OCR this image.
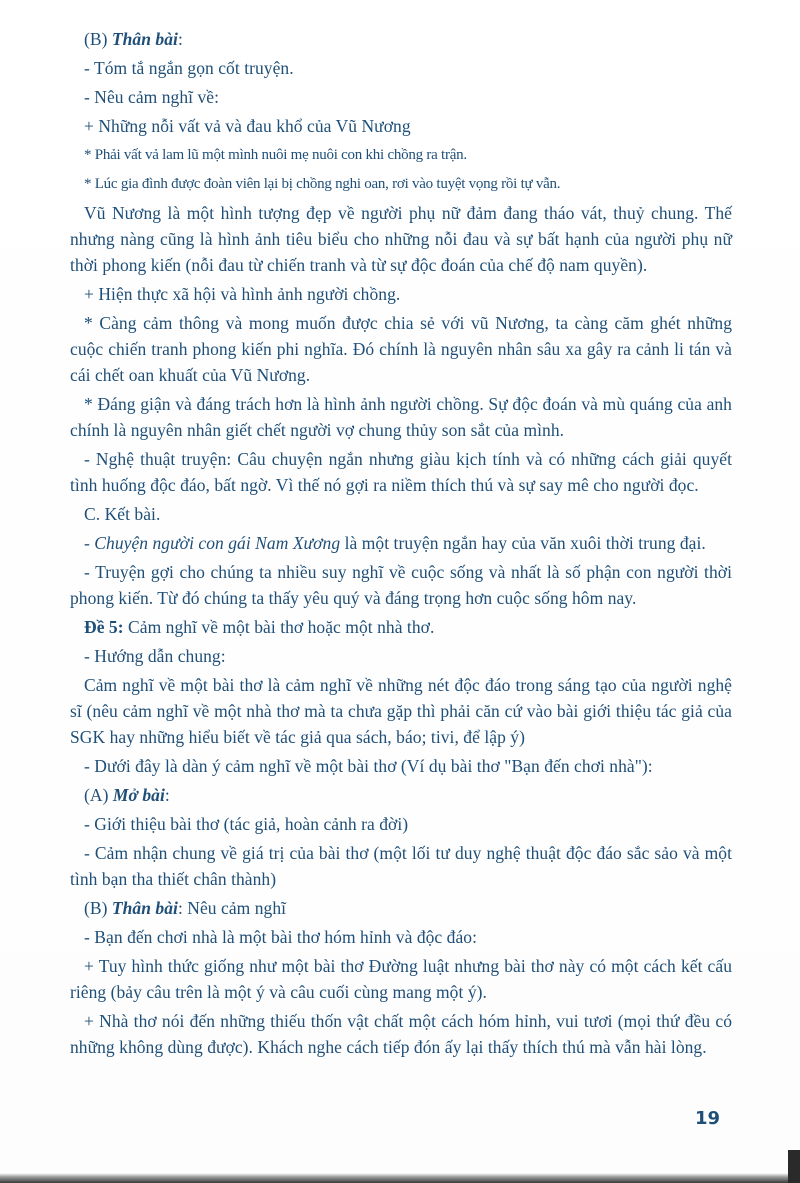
(B) Thân bài:

- Tóm tắ ngắn gọn cốt truyện.

- Nêu cảm nghĩ về:

+ Những nỗi vất vả và đau khổ của Vũ Nương

* Phải vất vả lam lũ một mình nuôi mẹ nuôi con khi chồng ra trận.

* Lúc gia đình được đoàn viên lại bị chồng nghi oan, rơi vào tuyệt vọng rồi tự vẫn.

Vũ Nương là một hình tượng đẹp về người phụ nữ đảm đang tháo vát, thuỷ chung. Thế nhưng nàng cũng là hình ảnh tiêu biểu cho những nỗi đau và sự bất hạnh của người phụ nữ thời phong kiến (nỗi đau từ chiến tranh và từ sự độc đoán của chế độ nam quyền).

+ Hiện thực xã hội và hình ảnh người chồng.

* Càng cảm thông và mong muốn được chia sẻ với vũ Nương, ta càng căm ghét những cuộc chiến tranh phong kiến phi nghĩa. Đó chính là nguyên nhân sâu xa gây ra cảnh li tán và cái chết oan khuất của Vũ Nương.

* Đáng giận và đáng trách hơn là hình ảnh người chồng. Sự độc đoán và mù quáng của anh chính là nguyên nhân giết chết người vợ chung thủy son sắt của mình.

- Nghệ thuật truyện: Câu chuyện ngắn nhưng giàu kịch tính và có những cách giải quyết tình huống độc đáo, bất ngờ. Vì thế nó gợi ra niềm thích thú và sự say mê cho người đọc.

C. Kết bài.

- Chuyện người con gái Nam Xương là một truyện ngắn hay của văn xuôi thời trung đại.

- Truyện gợi cho chúng ta nhiều suy nghĩ về cuộc sống và nhất là số phận con người thời phong kiến. Từ đó chúng ta thấy yêu quý và đáng trọng hơn cuộc sống hôm nay.

Đề 5: Cảm nghĩ về một bài thơ hoặc một nhà thơ.

- Hướng dẫn chung:

Cảm nghĩ về một bài thơ là cảm nghĩ về những nét độc đáo trong sáng tạo của người nghệ sĩ (nêu cảm nghĩ về một nhà thơ mà ta chưa gặp thì phải căn cứ vào bài giới thiệu tác giả của SGK hay những hiểu biết về tác giả qua sách, báo; tivi, để lập ý)

- Dưới đây là dàn ý cảm nghĩ về một bài thơ (Ví dụ bài thơ "Bạn đến chơi nhà"):

(A) Mở bài:

- Giới thiệu bài thơ (tác giả, hoàn cảnh ra đời)

- Cảm nhận chung về giá trị của bài thơ (một lối tư duy nghệ thuật độc đáo sắc sảo và một tình bạn tha thiết chân thành)

(B) Thân bài: Nêu cảm nghĩ

- Bạn đến chơi nhà là một bài thơ hóm hỉnh và độc đáo:

+ Tuy hình thức giống như một bài thơ Đường luật nhưng bài thơ này có một cách kết cấu riêng (bảy câu trên là một ý và câu cuối cùng mang một ý).

+ Nhà thơ nói đến những thiếu thốn vật chất một cách hóm hỉnh, vui tươi (mọi thứ đều có những không dùng được). Khách nghe cách tiếp đón ấy lại thấy thích thú mà vẫn hài lòng.

19
